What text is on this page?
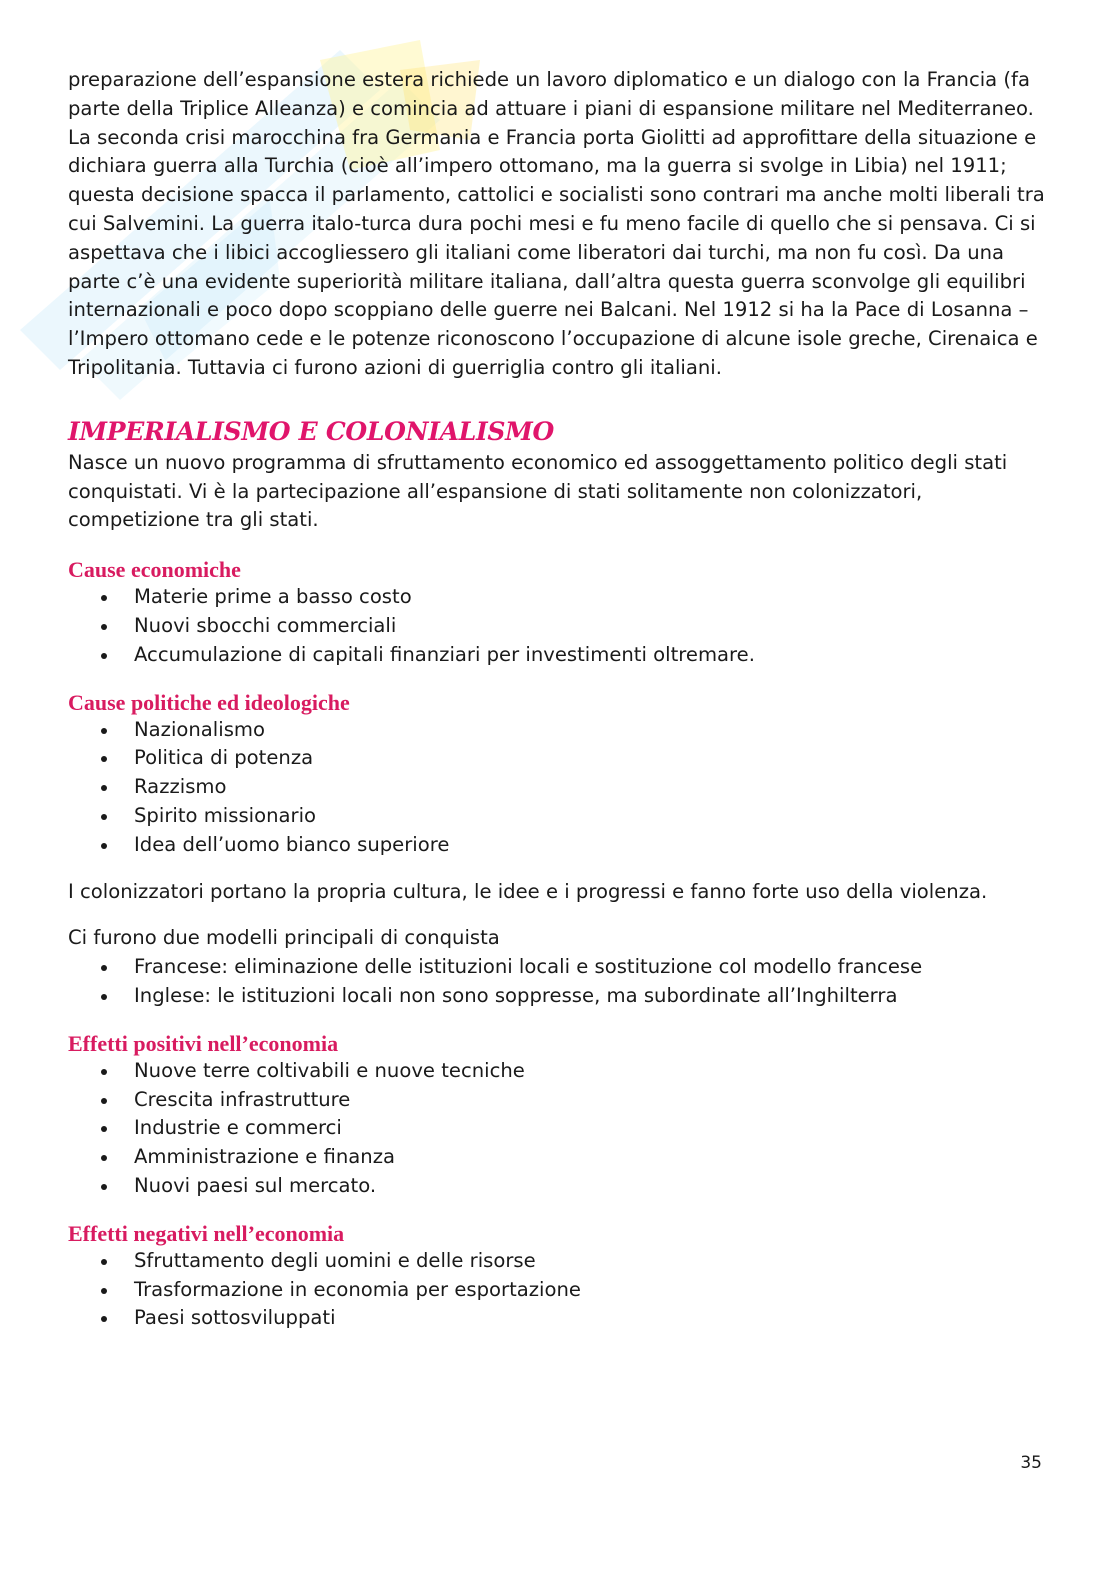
preparazione dell’espansione estera richiede un lavoro diplomatico e un dialogo con la Francia (fa parte della Triplice Alleanza) e comincia ad attuare i piani di espansione militare nel Mediterraneo. La seconda crisi marocchina fra Germania e Francia porta Giolitti ad approfittare della situazione e dichiara guerra alla Turchia (cioè all’impero ottomano, ma la guerra si svolge in Libia) nel 1911; questa decisione spacca il parlamento, cattolici e socialisti sono contrari ma anche molti liberali tra cui Salvemini. La guerra italo-turca dura pochi mesi e fu meno facile di quello che si pensava. Ci si aspettava che i libici accogliessero gli italiani come liberatori dai turchi, ma non fu così. Da una parte c’è una evidente superiorità militare italiana, dall’altra questa guerra sconvolge gli equilibri internazionali e poco dopo scoppiano delle guerre nei Balcani. Nel 1912 si ha la Pace di Losanna – l’Impero ottomano cede e le potenze riconoscono l’occupazione di alcune isole greche, Cirenaica e Tripolitania. Tuttavia ci furono azioni di guerriglia contro gli italiani.

IMPERIALISMO E COLONIALISMO

Nasce un nuovo programma di sfruttamento economico ed assoggettamento politico degli stati conquistati. Vi è la partecipazione all’espansione di stati solitamente non colonizzatori, competizione tra gli stati.

Cause economiche
Materie prime a basso costo
Nuovi sbocchi commerciali
Accumulazione di capitali finanziari per investimenti oltremare.
Cause politiche ed ideologiche
Nazionalismo
Politica di potenza
Razzismo
Spirito missionario
Idea dell’uomo bianco superiore

I colonizzatori portano la propria cultura, le idee e i progressi e fanno forte uso della violenza.

Ci furono due modelli principali di conquista

Francese: eliminazione delle istituzioni locali e sostituzione col modello francese
Inglese: le istituzioni locali non sono soppresse, ma subordinate all’Inghilterra
Effetti positivi nell’economia
Nuove terre coltivabili e nuove tecniche
Crescita infrastrutture
Industrie e commerci
Amministrazione e finanza
Nuovi paesi sul mercato.
Effetti negativi nell’economia
Sfruttamento degli uomini e delle risorse
Trasformazione in economia per esportazione
Paesi sottosviluppati
35
